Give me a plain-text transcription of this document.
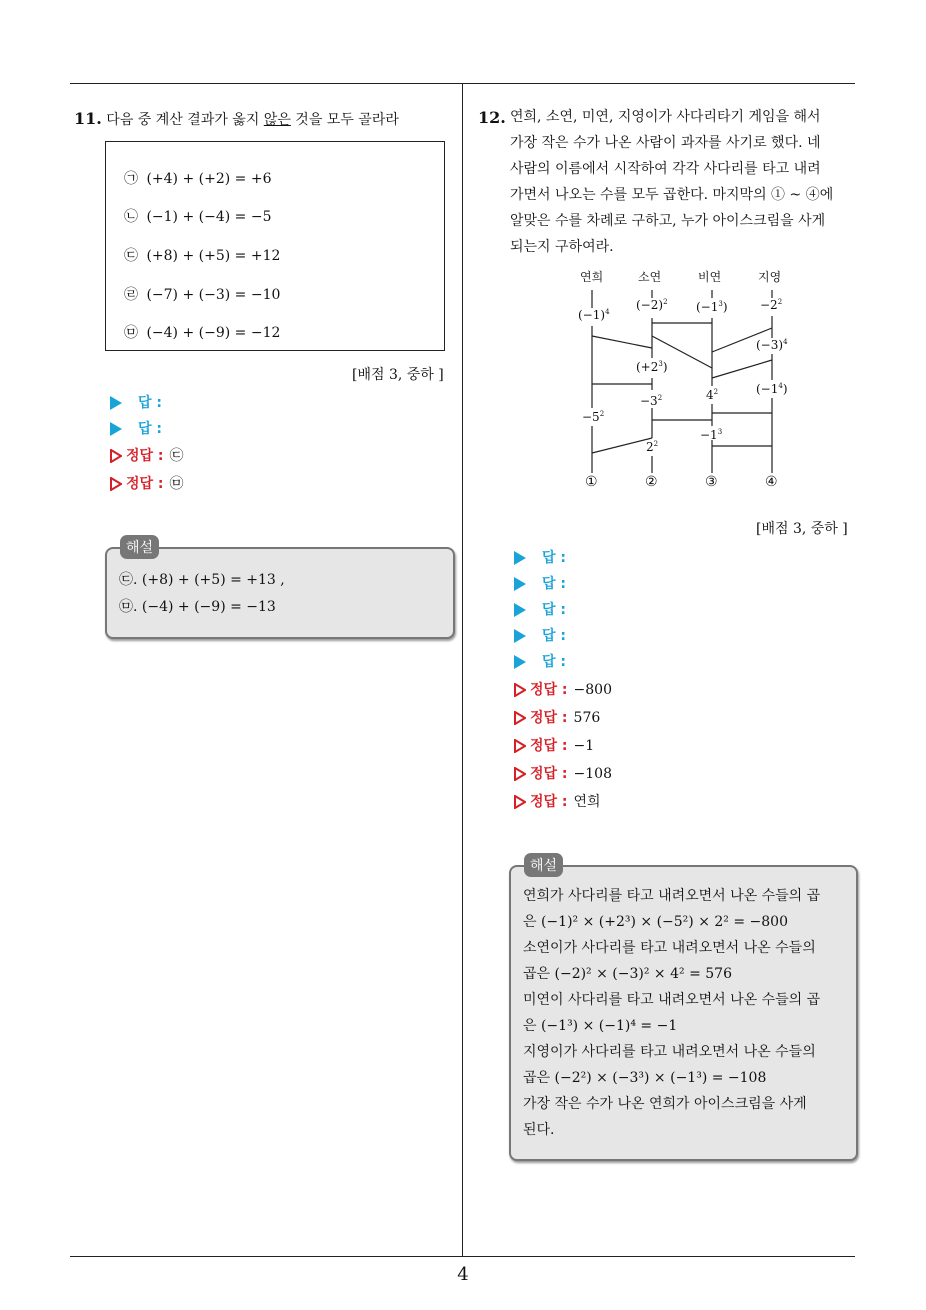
11. 다음 중 계산 결과가 옳지 않은 것을 모두 골라라
㉠ (+4) + (+2) = +6
㉡ (−1) + (−4) = −5
㉢ (+8) + (+5) = +12
㉣ (−7) + (−3) = −10
㉤ (−4) + (−9) = −12
[배점 3, 중하 ]
답 :
답 :
정답 : ㉢
정답 : ㉤
㉢. (+8) + (+5) = +13 ,
㉤. (−4) + (−9) = −13
해설
12. 연희, 소연, 미연, 지영이가 사다리타기 게임을 해서
가장 작은 수가 나온 사람이 과자를 사기로 했다. 네
사람의 이름에서 시작하여 각각 사다리를 타고 내려
가면서 나오는 수를 모두 곱한다. 마지막의 ① ~ ④에
알맞은 수를 차례로 구하고, 누가 아이스크림을 사게
되는지 구하여라.
연희	소연	비연	지영
$(-1)^4$ $(-2)^2$ $(-1^3)$	$-2^2$
$(-3)^4$
$(+2^3)$
$-3^2$	$4^2$	$(-1^4)$
$-5^2$
$-1^3$
$2^2$
①	②	③	④
[배점 3, 중하 ]
답 :
답 :
답 :
답 :
답 :
정답 : −800
정답 : 576
정답 : −1
정답 : −108
정답 : 연희
연희가 사다리를 타고 내려오면서 나온 수들의 곱
은 (−1)² × (+2³) × (−5²) × 2² = −800
소연이가 사다리를 타고 내려오면서 나온 수들의
곱은 (−2)² × (−3)² × 4² = 576
미연이 사다리를 타고 내려오면서 나온 수들의 곱
은 (−1³) × (−1)⁴ = −1
지영이가 사다리를 타고 내려오면서 나온 수들의
곱은 (−2²) × (−3³) × (−1³) = −108
가장 작은 수가 나온 연희가 아이스크림을 사게
된다.
해설
4
